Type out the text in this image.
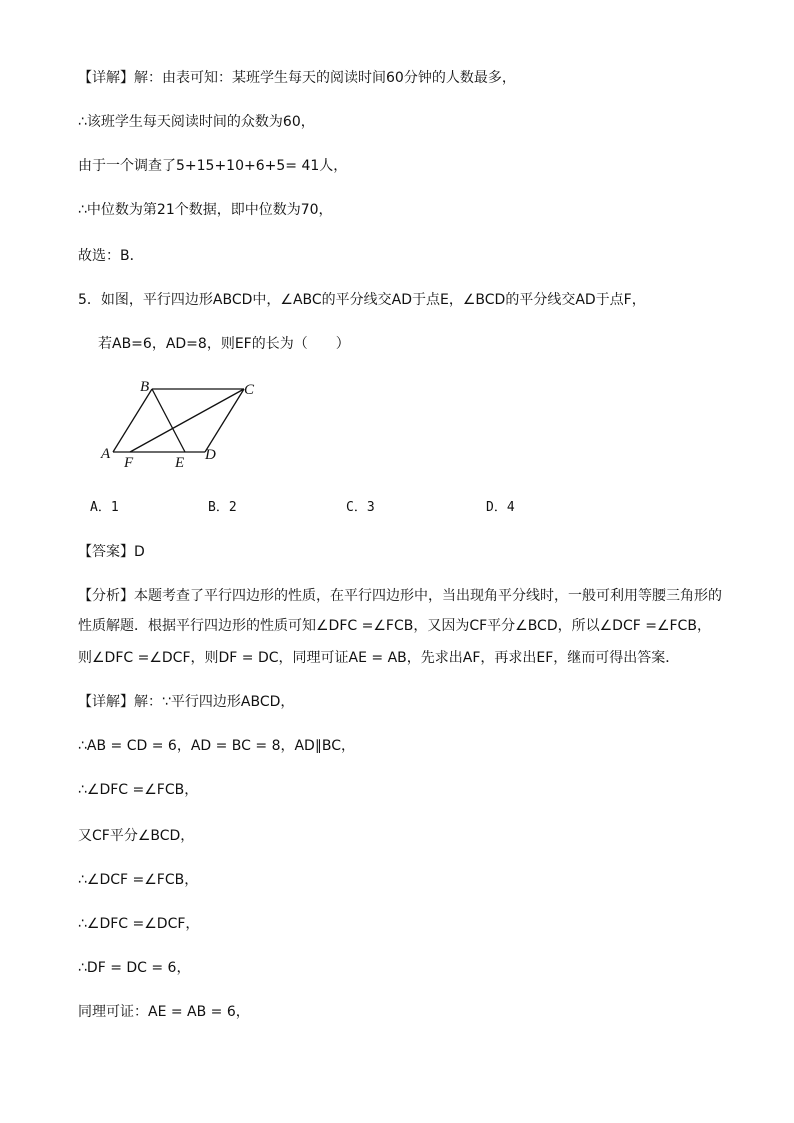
【详解】解：由表可知：某班学生每天的阅读时间60分钟的人数最多，
∴该班学生每天阅读时间的众数为60，
由于一个调查了5+15+10+6+5= 41人，
∴中位数为第21个数据，即中位数为70，
故选：B．
5．如图，平行四边形ABCD中，∠ABC的平分线交AD于点E，∠BCD的平分线交AD于点F，
若AB=6，AD=8，则EF的长为（　　）
A
B	C
D
E
F
A．1	B．2	C．3	D．4
【答案】D
【分析】本题考查了平行四边形的性质，在平行四边形中，当出现角平分线时，一般可利用等腰三角形的
性质解题．根据平行四边形的性质可知∠DFC =∠FCB，又因为CF平分∠BCD，所以∠DCF =∠FCB，
则∠DFC =∠DCF，则DF = DC，同理可证AE = AB，先求出AF，再求出EF，继而可得出答案．
【详解】解：∵平行四边形ABCD，
∴AB = CD = 6，AD = BC = 8，AD∥BC，
∴∠DFC =∠FCB，
又CF平分∠BCD，
∴∠DCF =∠FCB，
∴∠DFC =∠DCF，
∴DF = DC = 6，
同理可证：AE = AB = 6，
